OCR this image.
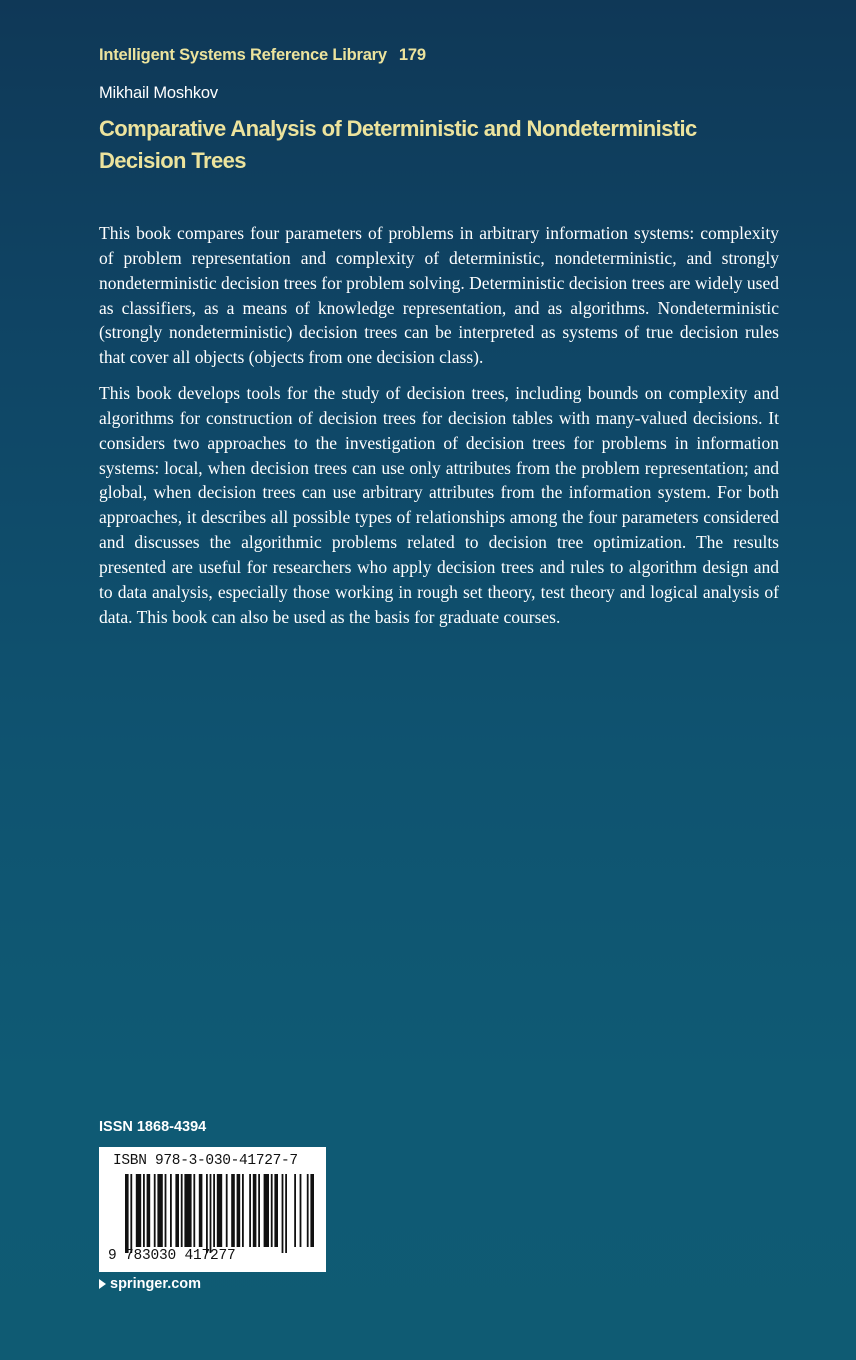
Intelligent Systems Reference Library 179
Mikhail Moshkov
Comparative Analysis of Deterministic and Nondeterministic
Decision Trees

This book compares four parameters of problems in arbitrary information systems: complexity of problem representation and complexity of deterministic, nondeterministic, and strongly nondeterministic decision trees for problem solving. Deterministic decision trees are widely used as classifiers, as a means of knowledge representation, and as algorithms. Nondeterministic (strongly nondeterministic) decision trees can be interpreted as systems of true decision rules that cover all objects (objects from one decision class).

This book develops tools for the study of decision trees, including bounds on complexity and algorithms for construction of decision trees for decision tables with many-valued decisions. It considers two approaches to the investigation of decision trees for problems in information systems: local, when decision trees can use only attributes from the problem representation; and global, when decision trees can use arbitrary attributes from the information system. For both approaches, it describes all possible types of relationships among the four parameters considered and discusses the algorithmic problems related to decision tree optimization. The results presented are useful for researchers who apply decision trees and rules to algorithm design and to data analysis, especially those working in rough set theory, test theory and logical analysis of data. This book can also be used as the basis for graduate courses.

ISSN 1868-4394
ISBN 978-3-030-41727-7
9 783030 417277
springer.com
